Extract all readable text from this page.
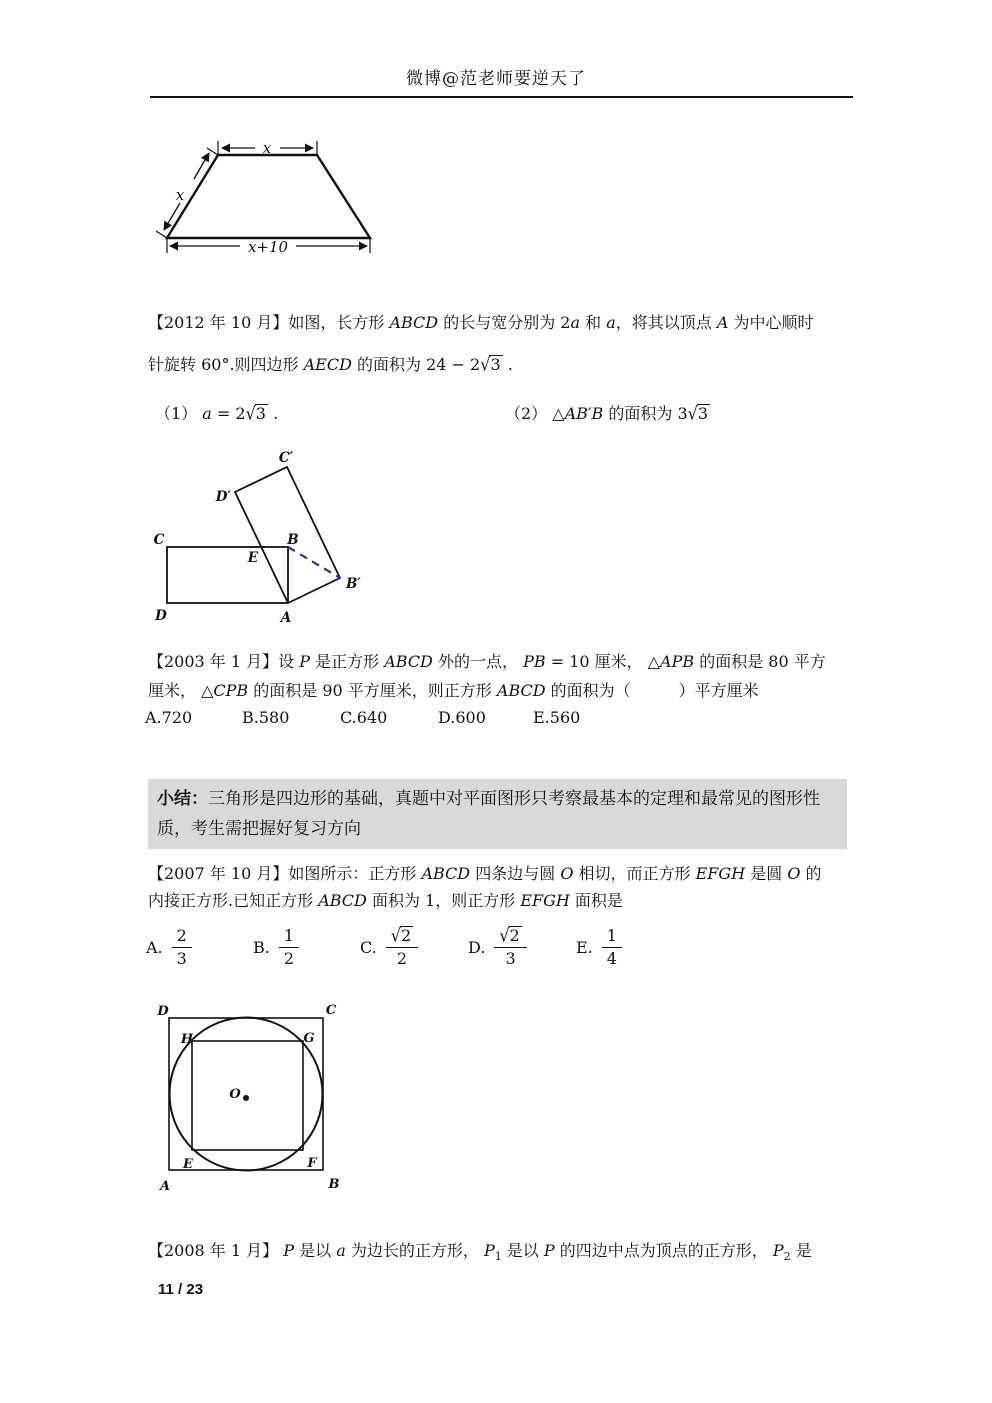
微博@范老师要逆天了
x
x
x+10
【2012 年 10 月】如图，长方形 ABCD 的长与宽分别为 2a 和 a，将其以顶点 A 为中心顺时
针旋转 60°.则四边形 AECD 的面积为 24 − 2√3 .
（1） a = 2√3 .	（2） △AB′B 的面积为 3√3
C′
D′
C	B
E
B′
D	A
【2003 年 1 月】设 P 是正方形 ABCD 外的一点， PB = 10 厘米， △APB 的面积是 80 平方
厘米， △CPB 的面积是 90 平方厘米，则正方形 ABCD 的面积为（　　　）平方厘米
A.720	B.580	C.640	D.600	E.560
小结：三角形是四边形的基础，真题中对平面图形只考察最基本的定理和最常见的图形性质，考生需把握好复习方向
【2007 年 10 月】如图所示：正方形 ABCD 四条边与圆 O 相切，而正方形 EFGH 是圆 O 的
内接正方形.已知正方形 ABCD 面积为 1，则正方形 EFGH 面积是
A. $\frac{2}{3}$	B. $\frac{1}{2}$	C. $\frac{√2}{2}$	D. $\frac{√2}{3}$	E. $\frac{1}{4}$
D	C
A	B
H	G
E	F
O
【2008 年 1 月】 P 是以 a 为边长的正方形， $P_1$ 是以 P 的四边中点为顶点的正方形， $P_2$ 是
11 / 23
